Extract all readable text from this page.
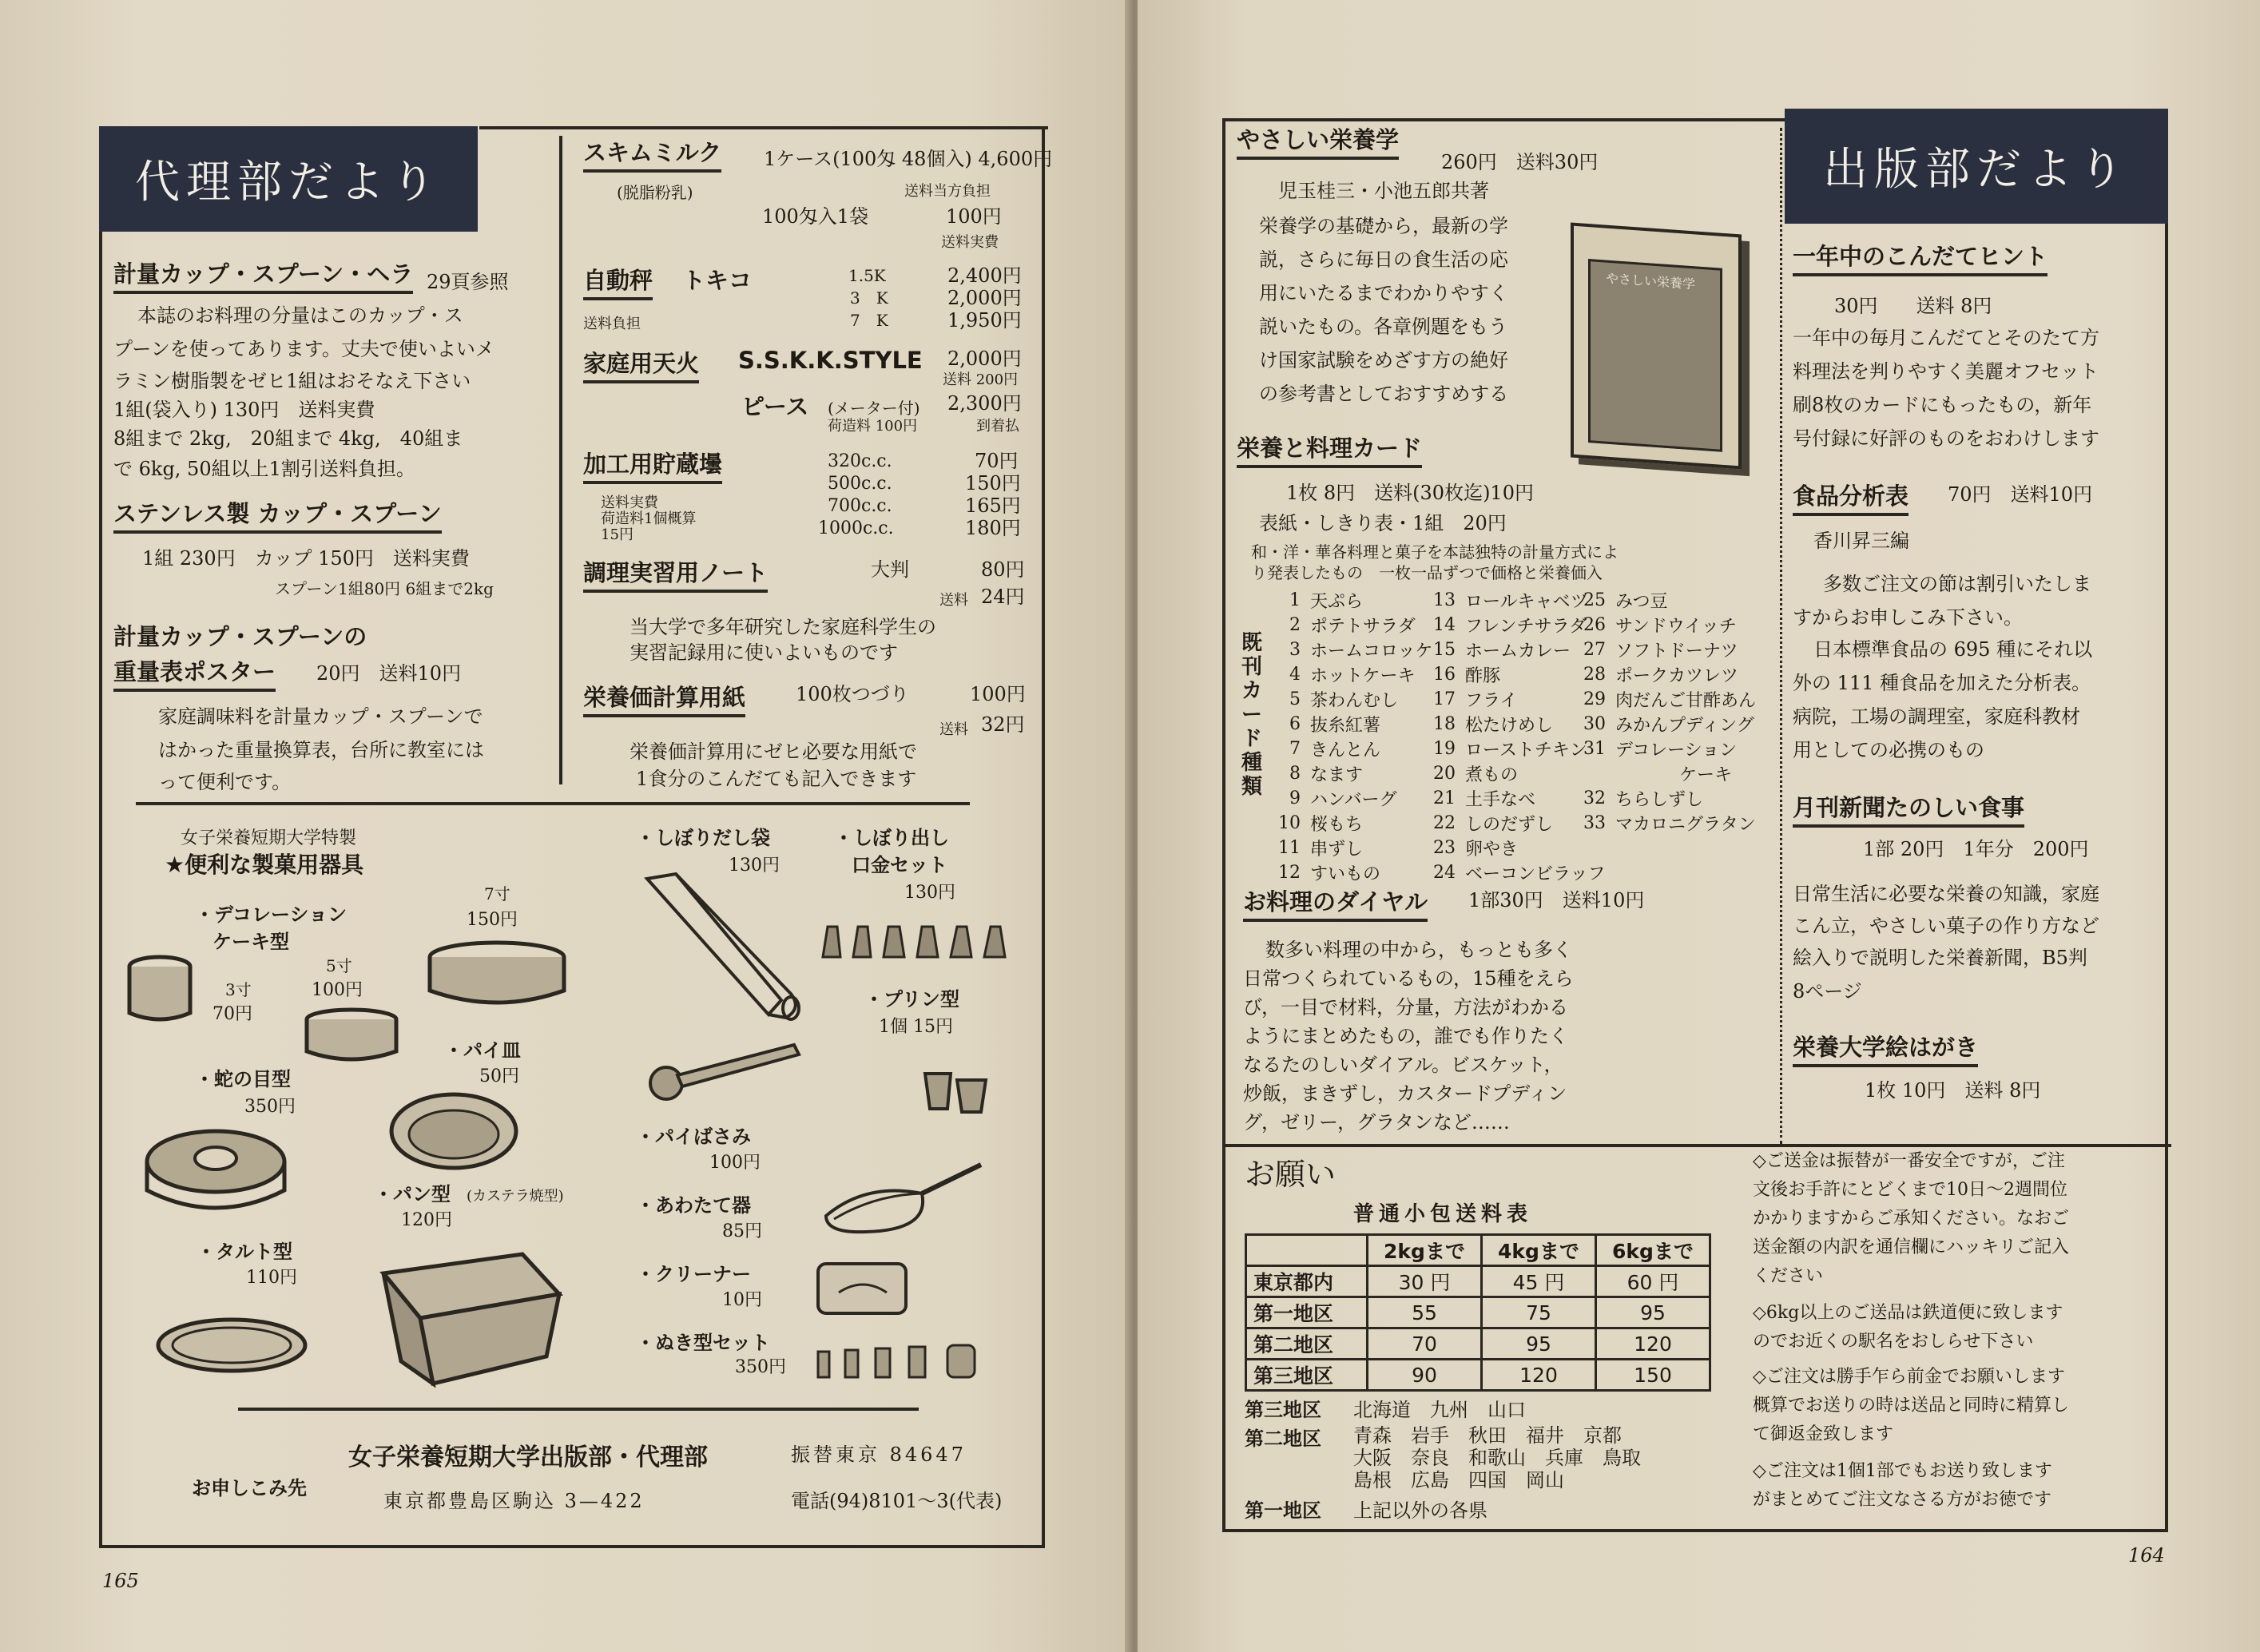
代理部だより
計量カップ・スプーン・ヘラ 29頁参照
本誌のお料理の分量はこのカップ・ス
プーンを使ってあります。丈夫で使いよいメ
ラミン樹脂製をゼヒ1組はおそなえ下さい
1組(袋入り) 130円　送料実費
8組まで 2kg,　20組まで 4kg,　40組ま
で 6kg, 50組以上1割引送料負担。
ステンレス製 カップ・スプーン
1組 230円　カップ 150円　送料実費
スプーン1組80円 6組まで2kg
計量カップ・スプーンの
重量表ポスター 20円　送料10円
家庭調味料を計量カップ・スプーンで
はかった重量換算表，台所に教室には
って便利です。
スキムミルク 1ケース(100匁 48個入) 4,600円
(脱脂粉乳)	送料当方負担
100匁入1袋	100円
送料実費
自動秤 トキコ
送料負担
1.5K	2,400円
3　K	2,000円
7　K	1,950円
家庭用天火 S.S.K.K.STYLE 2,000円
送料 200円
ピース (メーター付)
荷造料 100円
2,300円
到着払
加工用貯蔵壜
送料実費
荷造料1個概算
15円
320c.c.	70円
500c.c.	150円
700c.c.	165円
1000c.c.	180円
調理実習用ノート	大判	80円
送料 24円
当大学で多年研究した家庭科学生の
実習記録用に使いよいものです
栄養価計算用紙	100枚つづり	100円
送料 32円
栄養価計算用にゼヒ必要な用紙で
1食分のこんだても記入できます
女子栄養短期大学特製
★便利な製菓用器具
・デコレーション
ケーキ型
7寸
150円
5寸
100円
3寸
70円
・パイ皿
50円
・蛇の目型
350円
・パン型 (カステラ焼型)
120円
・タルト型
110円
・しぼりだし袋
130円
・しぼり出し
口金セット
130円
・プリン型
1個 15円
・パイばさみ
100円
・あわたて器
85円
・クリーナー
10円
・ぬき型セット
350円
お申しこみ先
女子栄養短期大学出版部・代理部	振替東京 84647
東京都豊島区駒込 3—422	電話(94)8101～3(代表)
165
出版部だより
やさしい栄養学
260円　送料30円
児玉桂三・小池五郎共著
栄養学の基礎から，最新の学
説，さらに毎日の食生活の応
用にいたるまでわかりやすく
説いたもの。各章例題をもう
け国家試験をめざす方の絶好
の参考書としておすすめする
やさしい栄養学
一年中のこんだてヒント
30円　　送料 8円
一年中の毎月こんだてとそのたて方
料理法を判りやすく美麗オフセット
刷8枚のカードにもったもの，新年
号付録に好評のものをおわけします
食品分析表 70円　送料10円
香川昇三編
多数ご注文の節は割引いたしま
すからお申しこみ下さい。
日本標準食品の 695 種にそれ以
外の 111 種食品を加えた分析表。
病院，工場の調理室，家庭科教材
用としての必携のもの
月刊新聞たのしい食事
1部 20円　1年分　200円
日常生活に必要な栄養の知識，家庭
こん立，やさしい菓子の作り方など
絵入りで説明した栄養新聞，B5判
8ページ
栄養大学絵はがき
1枚 10円　送料 8円
栄養と料理カード
1枚 8円　送料(30枚迄)10円
表紙・しきり表・1組　20円
和・洋・華各料理と菓子を本誌独特の計量方式によ
り発表したもの　一枚一品ずつで価格と栄養価入
既刊カード種類
1	天ぷら
2	ポテトサラダ
3	ホームコロッケ
4	ホットケーキ
5	茶わんむし
6	抜糸紅薯
7	きんとん
8	なます
9	ハンバーグ
10	桜もち
11	串ずし
12	すいもの
13	ロールキャベツ
14	フレンチサラダ
15	ホームカレー
16	酢豚
17	フライ
18	松たけめし
19	ローストチキン
20	煮もの
21	土手なべ
22	しのだずし
23	卵やき
24	ベーコンビラッフ
25	みつ豆
26	サンドウイッチ
27	ソフトドーナツ
28	ポークカツレツ
29	肉だんご甘酢あん
30	みかんプディング
31	デコレーション
	ケーキ
32	ちらしずし
33	マカロニグラタン
お料理のダイヤル 1部30円　送料10円
数多い料理の中から，もっとも多く
日常つくられているもの，15種をえら
び，一目で材料，分量，方法がわかる
ようにまとめたもの，誰でも作りたく
なるたのしいダイアル。ビスケット，
炒飯，まきずし，カスタードプディン
グ，ゼリー，グラタンなど……
お願い
普通小包送料表
	2kgまで	4kgまで	6kgまで
東京都内	30 円	45 円	60 円
第一地区	55	75	95
第二地区	70	95	120
第三地区	90	120	150
第三地区 北海道　九州　山口
第二地区 青森　岩手　秋田　福井　京都
大阪　奈良　和歌山　兵庫　鳥取
島根　広島　四国　岡山
第一地区 上記以外の各県
◇ご送金は振替が一番安全ですが，ご注
文後お手許にとどくまで10日～2週間位
かかりますからご承知ください。なおご
送金額の内訳を通信欄にハッキリご記入
ください
◇6kg以上のご送品は鉄道便に致します
のでお近くの駅名をおしらせ下さい
◇ご注文は勝手乍ら前金でお願いします
概算でお送りの時は送品と同時に精算し
て御返金致します
◇ご注文は1個1部でもお送り致します
がまとめてご注文なさる方がお徳です
164
